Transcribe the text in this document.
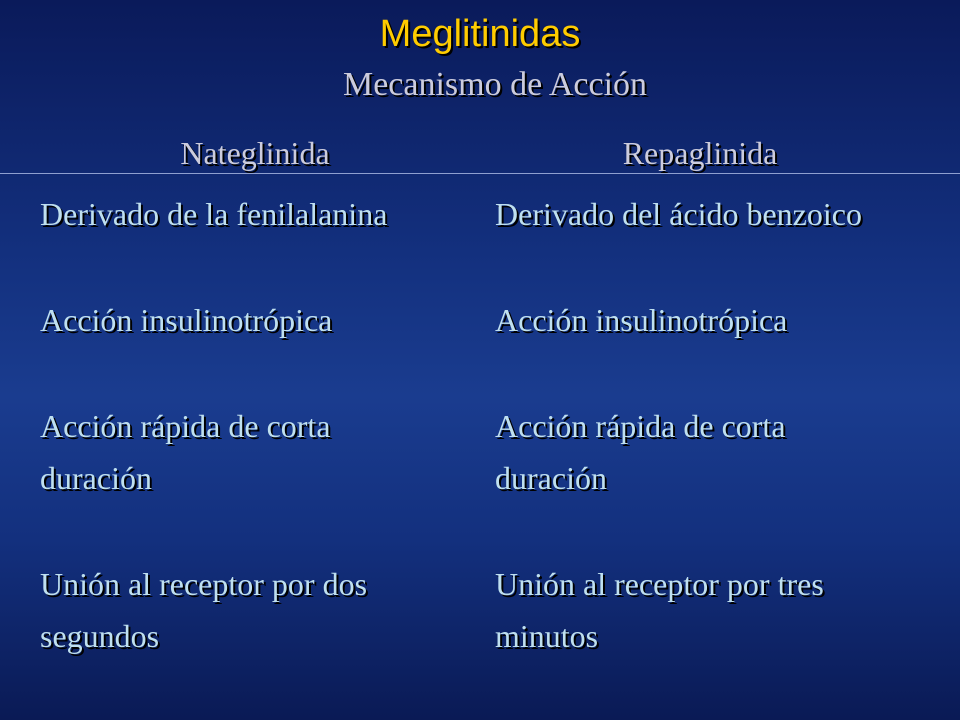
Meglitinidas
Mecanismo de Acción
Nateglinida	Repaglinida
Derivado de la fenilalanina
Acción insulinotrópica
Acción rápida de corta duración
Unión al receptor por dos segundos
Derivado del ácido benzoico
Acción insulinotrópica
Acción rápida de corta duración
Unión al receptor por tres minutos
